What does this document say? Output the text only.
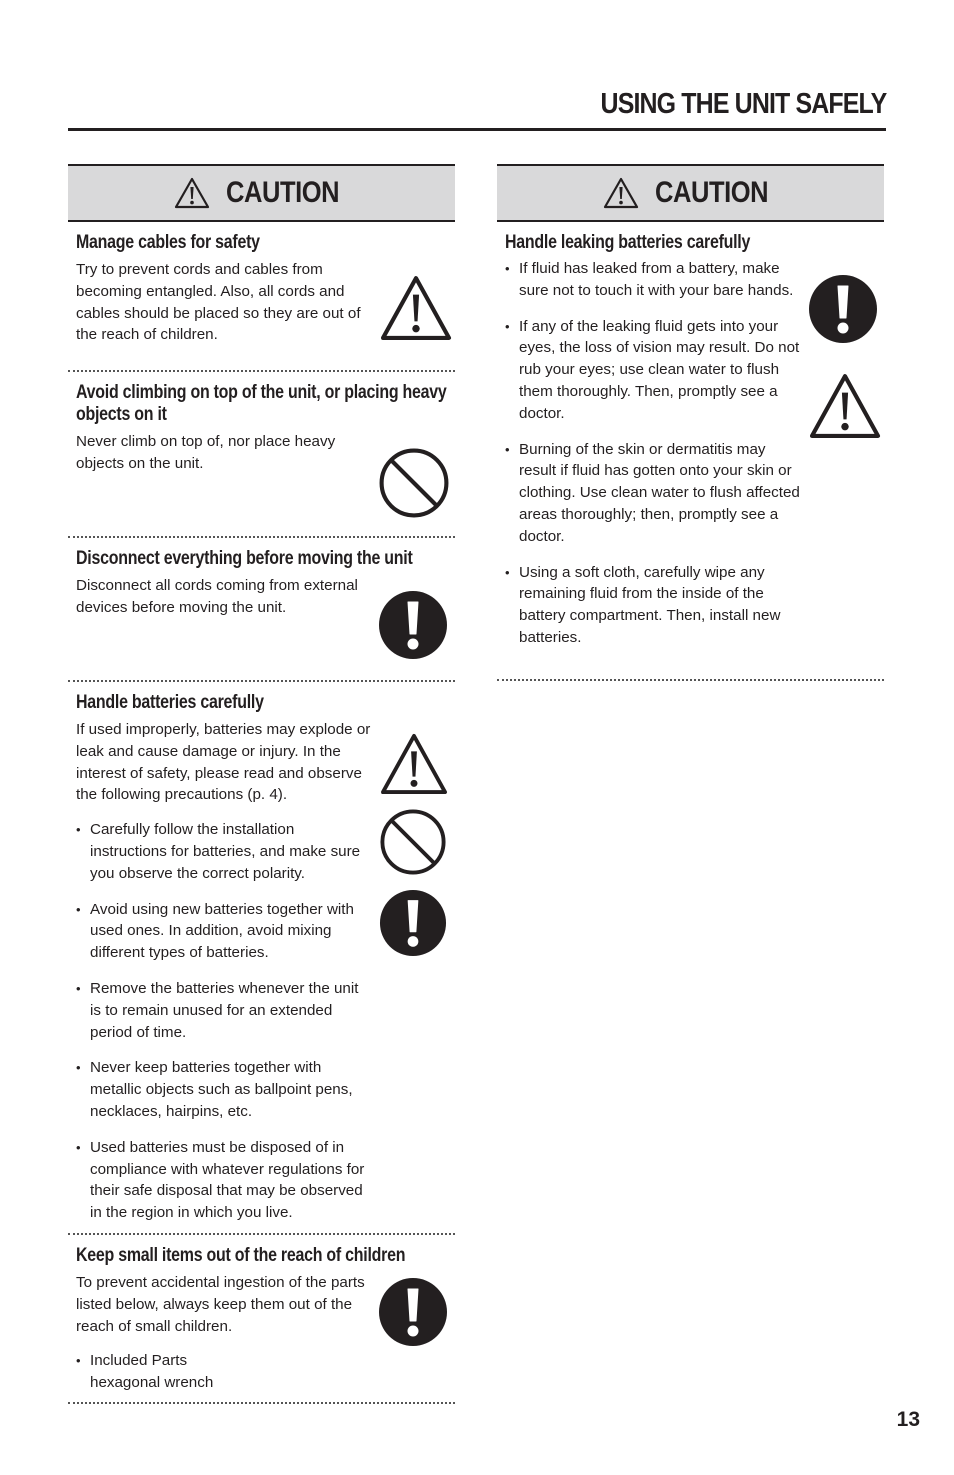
USING THE UNIT SAFELY
CAUTION
Manage cables for safety

Try to prevent cords and cables from becoming entangled. Also, all cords and cables should be placed so they are out of the reach of children.

Avoid climbing on top of the unit, or placing heavy objects on it

Never climb on top of, nor place heavy objects on the unit.

Disconnect everything before moving the unit

Disconnect all cords coming from external devices before moving the unit.

Handle batteries carefully

If used improperly, batteries may explode or leak and cause damage or injury. In the interest of safety, please read and observe the following precautions (p. 4).

• Carefully follow the installation instructions for batteries, and make sure you observe the correct polarity.
• Avoid using new batteries together with used ones. In addition, avoid mixing different types of batteries.
• Remove the batteries whenever the unit is to remain unused for an extended period of time.
• Never keep batteries together with metallic objects such as ballpoint pens, necklaces, hairpins, etc.
• Used batteries must be disposed of in compliance with whatever regulations for their safe disposal that may be observed in the region in which you live.
Keep small items out of the reach of children

To prevent accidental ingestion of the parts listed below, always keep them out of the reach of small children.

• Included Parts
hexagonal wrench
CAUTION
Handle leaking batteries carefully
• If fluid has leaked from a battery, make sure not to touch it with your bare hands.
• If any of the leaking fluid gets into your eyes, the loss of vision may result. Do not rub your eyes; use clean water to flush them thoroughly. Then, promptly see a doctor.
• Burning of the skin or dermatitis may result if fluid has gotten onto your skin or clothing. Use clean water to flush affected areas thoroughly; then, promptly see a doctor.
• Using a soft cloth, carefully wipe any remaining fluid from the inside of the battery compartment. Then, install new batteries.
13
